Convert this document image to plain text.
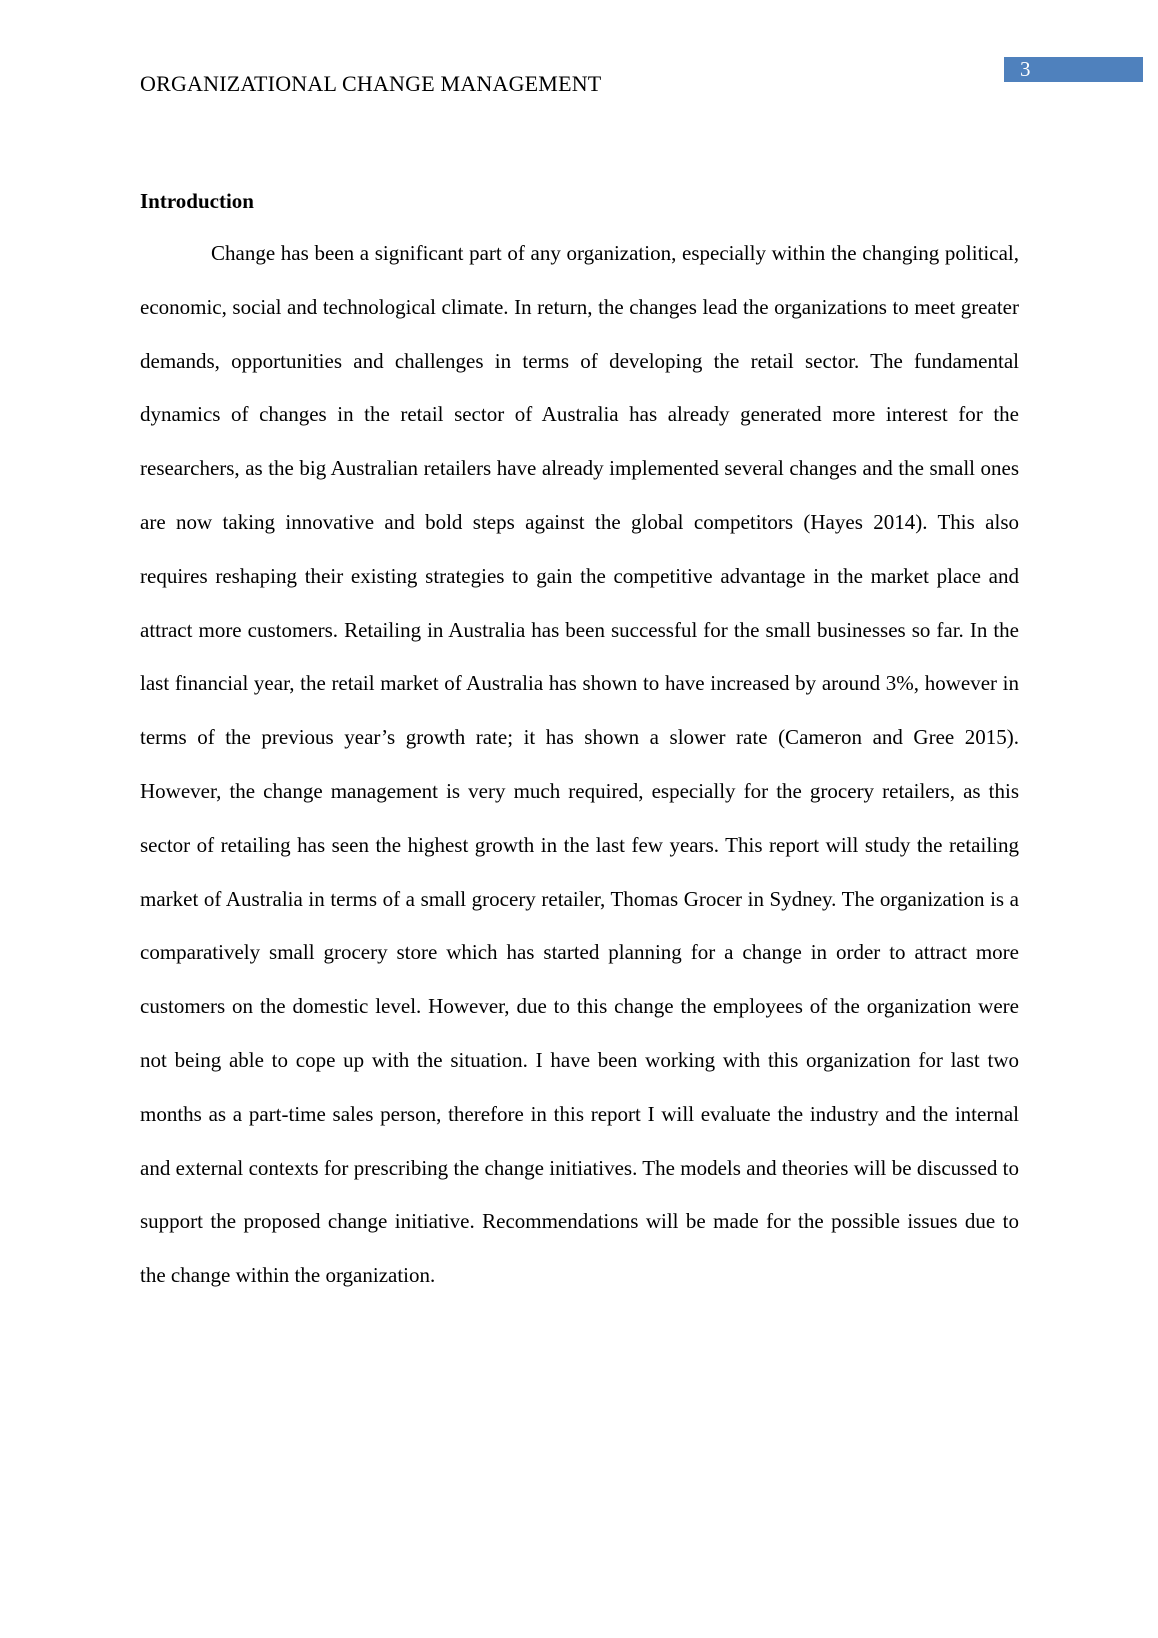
ORGANIZATIONAL CHANGE MANAGEMENT
3
Introduction

Change has been a significant part of any organization, especially within the changing political, economic, social and technological climate. In return, the changes lead the organizations to meet greater demands, opportunities and challenges in terms of developing the retail sector. The fundamental dynamics of changes in the retail sector of Australia has already generated more interest for the researchers, as the big Australian retailers have already implemented several changes and the small ones are now taking innovative and bold steps against the global competitors (Hayes 2014). This also requires reshaping their existing strategies to gain the competitive advantage in the market place and attract more customers. Retailing in Australia has been successful for the small businesses so far. In the last financial year, the retail market of Australia has shown to have increased by around 3%, however in terms of the previous year’s growth rate; it has shown a slower rate (Cameron and Gree 2015). However, the change management is very much required, especially for the grocery retailers, as this sector of retailing has seen the highest growth in the last few years. This report will study the retailing market of Australia in terms of a small grocery retailer, Thomas Grocer in Sydney. The organization is a comparatively small grocery store which has started planning for a change in order to attract more customers on the domestic level. However, due to this change the employees of the organization were not being able to cope up with the situation. I have been working with this organization for last two months as a part-time sales person, therefore in this report I will evaluate the industry and the internal and external contexts for prescribing the change initiatives. The models and theories will be discussed to support the proposed change initiative. Recommendations will be made for the possible issues due to the change within the organization.
